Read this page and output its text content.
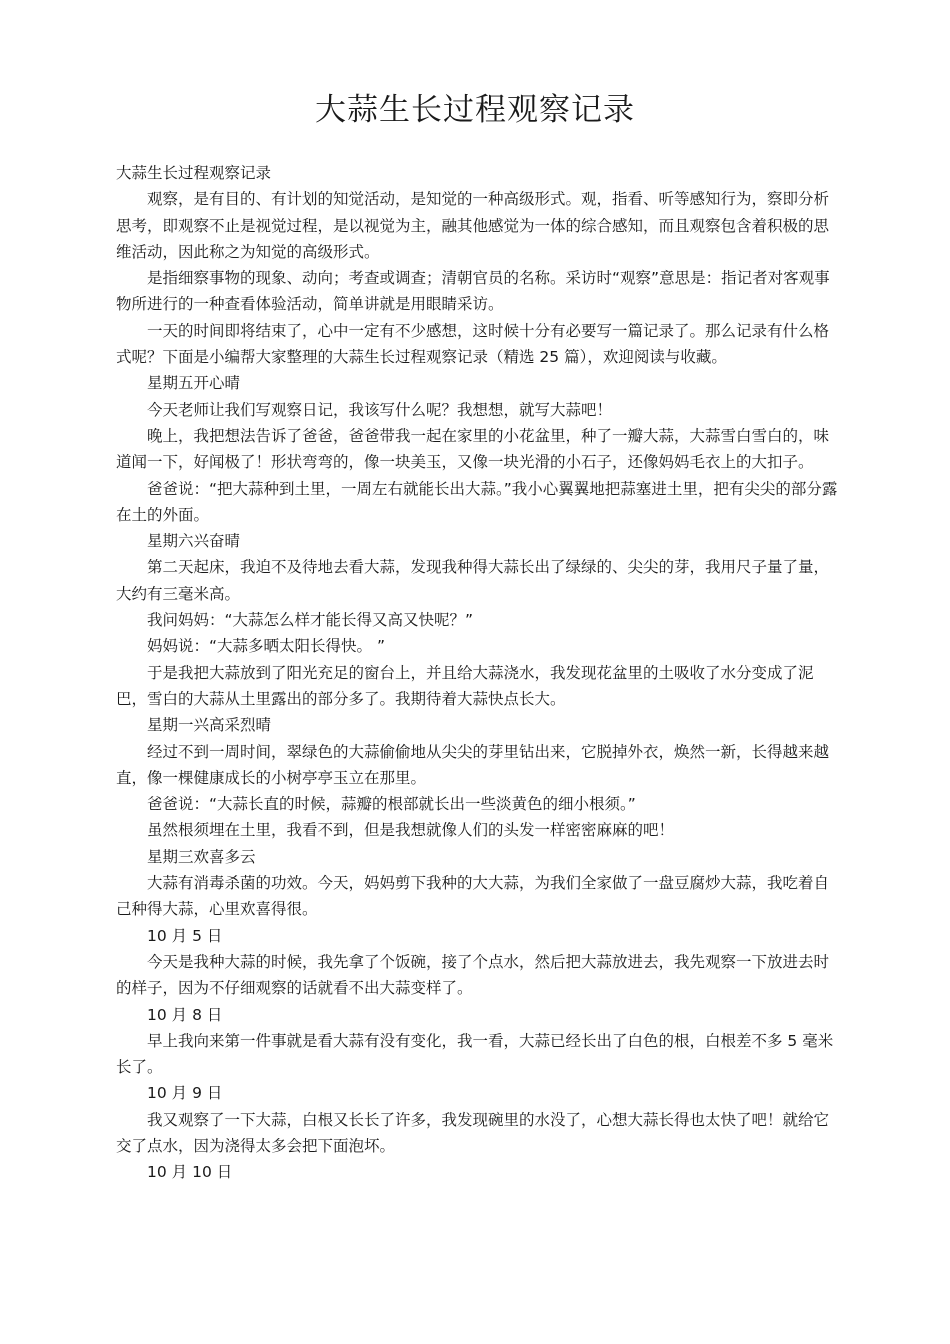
大蒜生长过程观察记录

大蒜生长过程观察记录

观察，是有目的、有计划的知觉活动，是知觉的一种高级形式。观，指看、听等感知行为，察即分析思考，即观察不止是视觉过程，是以视觉为主，融其他感觉为一体的综合感知，而且观察包含着积极的思维活动，因此称之为知觉的高级形式。

是指细察事物的现象、动向；考查或调查；清朝官员的名称。采访时“观察”意思是：指记者对客观事物所进行的一种查看体验活动，简单讲就是用眼睛采访。

一天的时间即将结束了，心中一定有不少感想，这时候十分有必要写一篇记录了。那么记录有什么格式呢？下面是小编帮大家整理的大蒜生长过程观察记录（精选 25 篇），欢迎阅读与收藏。

星期五开心晴

今天老师让我们写观察日记，我该写什么呢？我想想，就写大蒜吧！

晚上，我把想法告诉了爸爸，爸爸带我一起在家里的小花盆里，种了一瓣大蒜，大蒜雪白雪白的，味道闻一下，好闻极了！形状弯弯的，像一块美玉，又像一块光滑的小石子，还像妈妈毛衣上的大扣子。

爸爸说：“把大蒜种到土里，一周左右就能长出大蒜。”我小心翼翼地把蒜塞进土里，把有尖尖的部分露在土的外面。

星期六兴奋晴

第二天起床，我迫不及待地去看大蒜，发现我种得大蒜长出了绿绿的、尖尖的芽，我用尺子量了量，大约有三毫米高。

我问妈妈：“大蒜怎么样才能长得又高又快呢？”

妈妈说：“大蒜多晒太阳长得快。 ”

于是我把大蒜放到了阳光充足的窗台上，并且给大蒜浇水，我发现花盆里的土吸收了水分变成了泥巴，雪白的大蒜从土里露出的部分多了。我期待着大蒜快点长大。

星期一兴高采烈晴

经过不到一周时间，翠绿色的大蒜偷偷地从尖尖的芽里钻出来，它脱掉外衣，焕然一新，长得越来越直，像一棵健康成长的小树亭亭玉立在那里。

爸爸说：“大蒜长直的时候，蒜瓣的根部就长出一些淡黄色的细小根须。”

虽然根须埋在土里，我看不到，但是我想就像人们的头发一样密密麻麻的吧！

星期三欢喜多云

大蒜有消毒杀菌的功效。今天，妈妈剪下我种的大大蒜，为我们全家做了一盘豆腐炒大蒜，我吃着自己种得大蒜，心里欢喜得很。

10 月 5 日

今天是我种大蒜的时候，我先拿了个饭碗，接了个点水，然后把大蒜放进去，我先观察一下放进去时的样子，因为不仔细观察的话就看不出大蒜变样了。

10 月 8 日

早上我向来第一件事就是看大蒜有没有变化，我一看，大蒜已经长出了白色的根，白根差不多 5 毫米长了。

10 月 9 日

我又观察了一下大蒜，白根又长长了许多，我发现碗里的水没了，心想大蒜长得也太快了吧！就给它交了点水，因为浇得太多会把下面泡坏。

10 月 10 日
